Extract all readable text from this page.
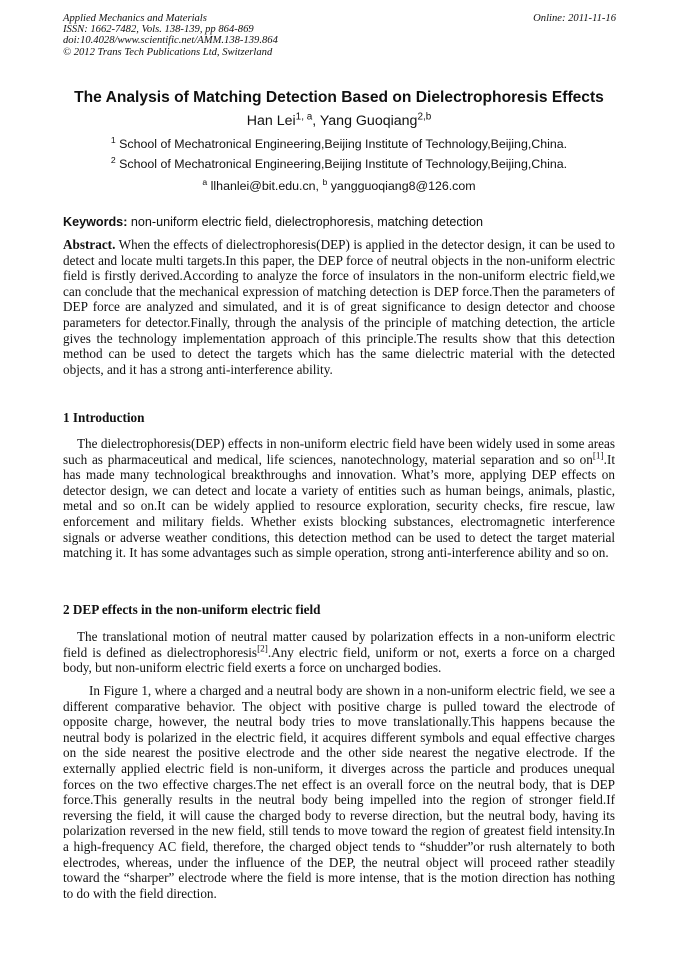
Applied Mechanics and Materials
ISSN: 1662-7482, Vols. 138-139, pp 864-869
doi:10.4028/www.scientific.net/AMM.138-139.864
© 2012 Trans Tech Publications Ltd, Switzerland
Online: 2011-11-16
The Analysis of Matching Detection Based on Dielectrophoresis Effects
Han Lei$^{1, a}$, Yang Guoqiang$^{2,b}$
$^1$ School of Mechatronical Engineering,Beijing Institute of Technology,Beijing,China.
$^2$ School of Mechatronical Engineering,Beijing Institute of Technology,Beijing,China.
$^a$ llhanlei@bit.edu.cn, $^b$ yangguoqiang8@126.com
Keywords: non-uniform electric field, dielectrophoresis, matching detection

Abstract. When the effects of dielectrophoresis(DEP) is applied in the detector design, it can be used to detect and locate multi targets.In this paper, the DEP force of neutral objects in the non-uniform electric field is firstly derived.According to analyze the force of insulators in the non-uniform electric field,we can conclude that the mechanical expression of matching detection is DEP force.Then the parameters of DEP force are analyzed and simulated, and it is of great significance to design detector and choose parameters for detector.Finally, through the analysis of the principle of matching detection, the article gives the technology implementation approach of this principle.The results show that this detection method can be used to detect the targets which has the same dielectric material with the detected objects, and it has a strong anti-interference ability.

1 Introduction

The dielectrophoresis(DEP) effects in non-uniform electric field have been widely used in some areas such as pharmaceutical and medical, life sciences, nanotechnology, material separation and so on[1].It has made many technological breakthroughs and innovation. What’s more, applying DEP effects on detector design, we can detect and locate a variety of entities such as human beings, animals, plastic, metal and so on.It can be widely applied to resource exploration, security checks, fire rescue, law enforcement and military fields. Whether exists blocking substances, electromagnetic interference signals or adverse weather conditions, this detection method can be used to detect the target material matching it. It has some advantages such as simple operation, strong anti-interference ability and so on.

2 DEP effects in the non-uniform electric field

The translational motion of neutral matter caused by polarization effects in a non-uniform electric field is defined as dielectrophoresis[2].Any electric field, uniform or not, exerts a force on a charged body, but non-uniform electric field exerts a force on uncharged bodies.

In Figure 1, where a charged and a neutral body are shown in a non-uniform electric field, we see a different comparative behavior. The object with positive charge is pulled toward the electrode of opposite charge, however, the neutral body tries to move translationally.This happens because the neutral body is polarized in the electric field, it acquires different symbols and equal effective charges on the side nearest the positive electrode and the other side nearest the negative electrode. If the externally applied electric field is non-uniform, it diverges across the particle and produces unequal forces on the two effective charges.The net effect is an overall force on the neutral body, that is DEP force.This generally results in the neutral body being impelled into the region of stronger field.If reversing the field, it will cause the charged body to reverse direction, but the neutral body, having its polarization reversed in the new field, still tends to move toward the region of greatest field intensity.In a high-frequency AC field, therefore, the charged object tends to “shudder”or rush alternately to both electrodes, whereas, under the influence of the DEP, the neutral object will proceed rather steadily toward the “sharper” electrode where the field is more intense, that is the motion direction has nothing to do with the field direction.
